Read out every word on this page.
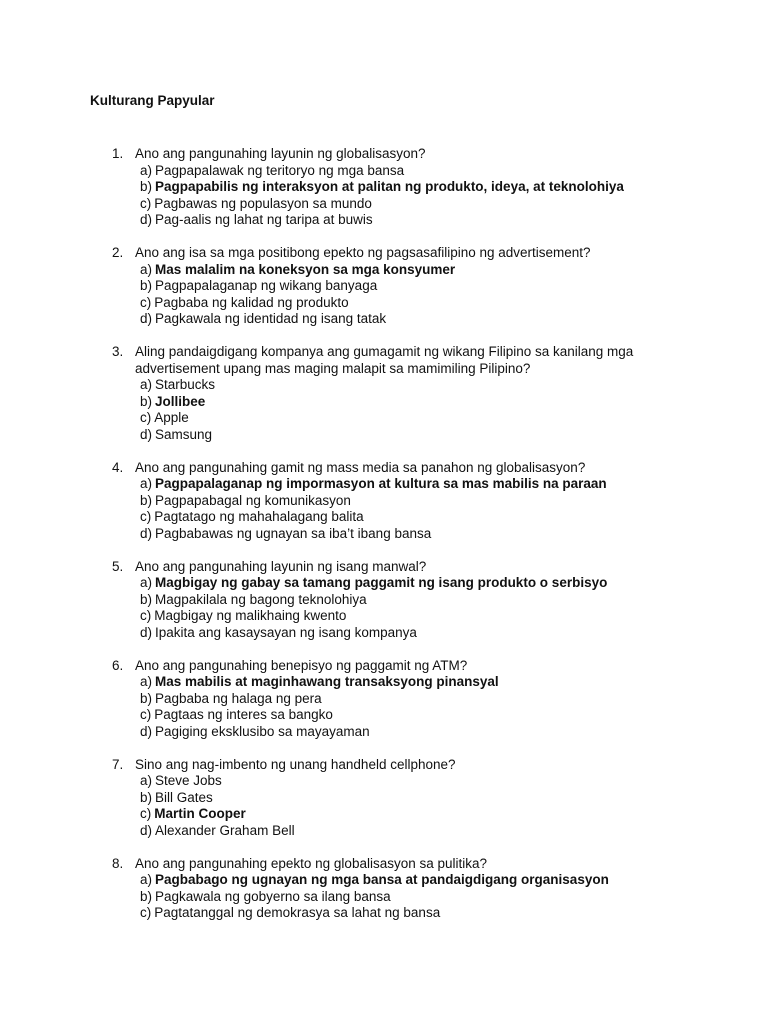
Kulturang Papyular
1. Ano ang pangunahing layunin ng globalisasyon?
a) Pagpapalawak ng teritoryo ng mga bansa
b) Pagpapabilis ng interaksyon at palitan ng produkto, ideya, at teknolohiya
c) Pagbawas ng populasyon sa mundo
d) Pag-aalis ng lahat ng taripa at buwis
2. Ano ang isa sa mga positibong epekto ng pagsasafilipino ng advertisement?
a) Mas malalim na koneksyon sa mga konsyumer
b) Pagpapalaganap ng wikang banyaga
c) Pagbaba ng kalidad ng produkto
d) Pagkawala ng identidad ng isang tatak
3. Aling pandaigdigang kompanya ang gumagamit ng wikang Filipino sa kanilang mga advertisement upang mas maging malapit sa mamimiling Pilipino?
a) Starbucks
b) Jollibee
c) Apple
d) Samsung
4. Ano ang pangunahing gamit ng mass media sa panahon ng globalisasyon?
a) Pagpapalaganap ng impormasyon at kultura sa mas mabilis na paraan
b) Pagpapabagal ng komunikasyon
c) Pagtatago ng mahahalagang balita
d) Pagbabawas ng ugnayan sa iba’t ibang bansa
5. Ano ang pangunahing layunin ng isang manwal?
a) Magbigay ng gabay sa tamang paggamit ng isang produkto o serbisyo
b) Magpakilala ng bagong teknolohiya
c) Magbigay ng malikhaing kwento
d) Ipakita ang kasaysayan ng isang kompanya
6. Ano ang pangunahing benepisyo ng paggamit ng ATM?
a) Mas mabilis at maginhawang transaksyong pinansyal
b) Pagbaba ng halaga ng pera
c) Pagtaas ng interes sa bangko
d) Pagiging eksklusibo sa mayayaman
7. Sino ang nag-imbento ng unang handheld cellphone?
a) Steve Jobs
b) Bill Gates
c) Martin Cooper
d) Alexander Graham Bell
8. Ano ang pangunahing epekto ng globalisasyon sa pulitika?
a) Pagbabago ng ugnayan ng mga bansa at pandaigdigang organisasyon
b) Pagkawala ng gobyerno sa ilang bansa
c) Pagtatanggal ng demokrasya sa lahat ng bansa
